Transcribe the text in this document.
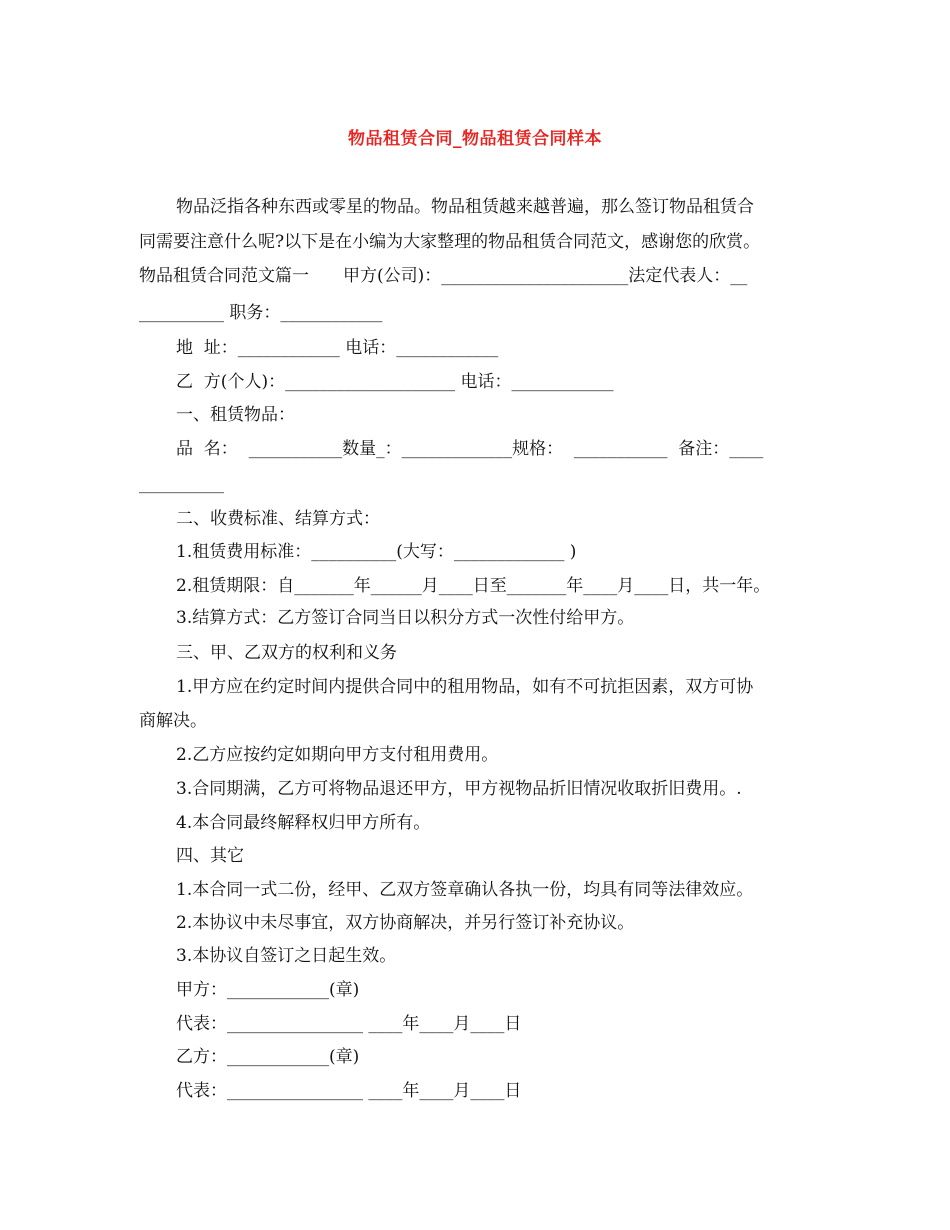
物品租赁合同_物品租赁合同样本
物品泛指各种东西或零星的物品。物品租赁越来越普遍，那么签订物品租赁合
同需要注意什么呢?以下是在小编为大家整理的物品租赁合同范文，感谢您的欣赏。
物品租赁合同范文篇一　　甲方(公司)：______________________法定代表人：__
__________ 职务：____________
地  址：____________ 电话：____________
乙  方(个人)：____________________ 电话：____________
一、租赁物品：
品  名：  ___________数量_：_____________规格：  ___________  备注：____
__________
二、收费标准、结算方式：
1.租赁费用标准：__________(大写：_____________ )
2.租赁期限：自_______年______月____日至_______年____月____日，共一年。
3.结算方式：乙方签订合同当日以积分方式一次性付给甲方。
三、甲、乙双方的权利和义务
1.甲方应在约定时间内提供合同中的租用物品，如有不可抗拒因素，双方可协
商解决。
2.乙方应按约定如期向甲方支付租用费用。
3.合同期满，乙方可将物品退还甲方，甲方视物品折旧情况收取折旧费用。.
4.本合同最终解释权归甲方所有。
四、其它
1.本合同一式二份，经甲、乙双方签章确认各执一份，均具有同等法律效应。
2.本协议中未尽事宜，双方协商解决，并另行签订补充协议。
3.本协议自签订之日起生效。
甲方：____________(章)
代表：________________ ____年____月____日
乙方：____________(章)
代表：________________ ____年____月____日
